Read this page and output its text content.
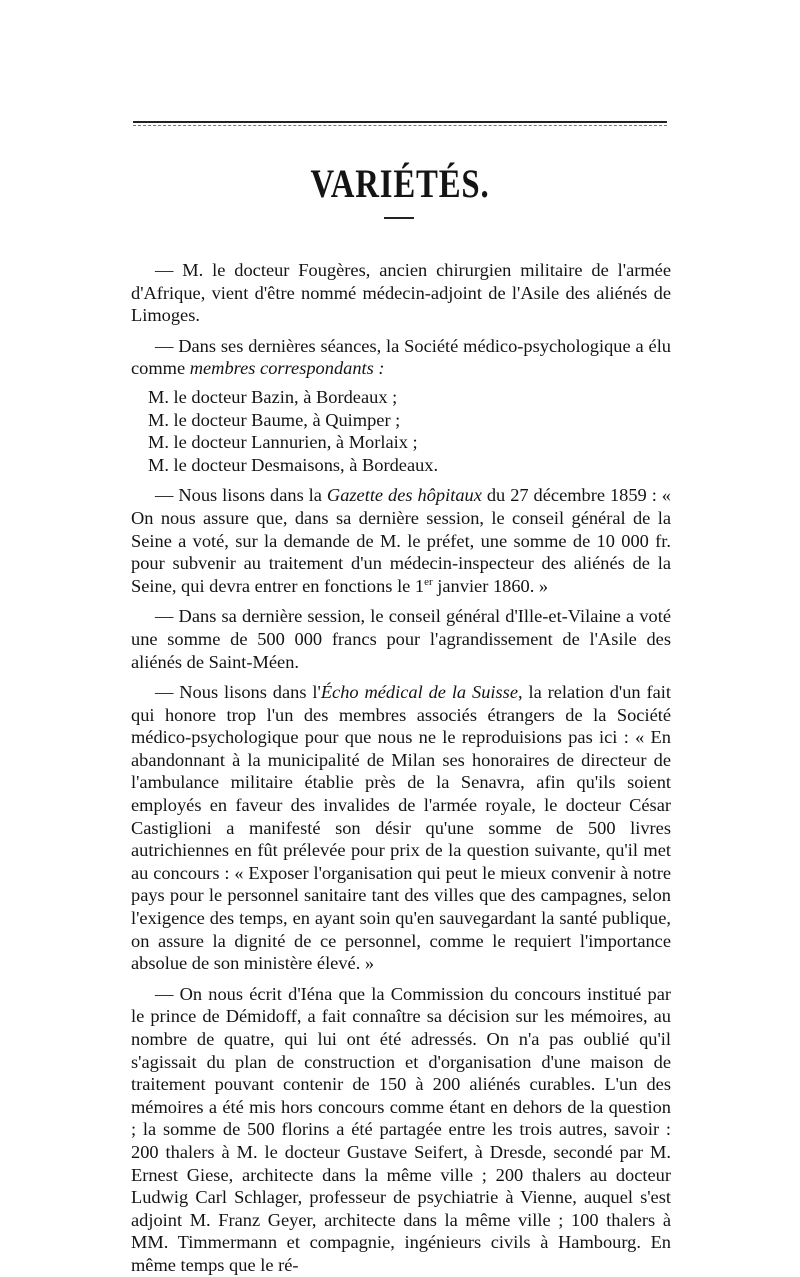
VARIÉTÉS.

— M. le docteur Fougères, ancien chirurgien militaire de l'armée d'Afrique, vient d'être nommé médecin-adjoint de l'Asile des aliénés de Limoges.

— Dans ses dernières séances, la Société médico-psychologique a élu comme membres correspondants :

M. le docteur Bazin, à Bordeaux ;
M. le docteur Baume, à Quimper ;
M. le docteur Lannurien, à Morlaix ;
M. le docteur Desmaisons, à Bordeaux.

— Nous lisons dans la Gazette des hôpitaux du 27 décembre 1859 : « On nous assure que, dans sa dernière session, le conseil général de la Seine a voté, sur la demande de M. le préfet, une somme de 10 000 fr. pour subvenir au traitement d'un médecin-inspecteur des aliénés de la Seine, qui devra entrer en fonctions le 1er janvier 1860. »

— Dans sa dernière session, le conseil général d'Ille-et-Vilaine a voté une somme de 500 000 francs pour l'agrandissement de l'Asile des aliénés de Saint-Méen.

— Nous lisons dans l'Écho médical de la Suisse, la relation d'un fait qui honore trop l'un des membres associés étrangers de la Société médico-psychologique pour que nous ne le reproduisions pas ici : « En abandonnant à la municipalité de Milan ses honoraires de directeur de l'ambulance militaire établie près de la Senavra, afin qu'ils soient employés en faveur des invalides de l'armée royale, le docteur César Castiglioni a manifesté son désir qu'une somme de 500 livres autrichiennes en fût prélevée pour prix de la question suivante, qu'il met au concours : « Exposer l'organisation qui peut le mieux convenir à notre pays pour le personnel sanitaire tant des villes que des campagnes, selon l'exigence des temps, en ayant soin qu'en sauvegardant la santé publique, on assure la dignité de ce personnel, comme le requiert l'importance absolue de son ministère élevé. »

— On nous écrit d'Iéna que la Commission du concours institué par le prince de Démidoff, a fait connaître sa décision sur les mémoires, au nombre de quatre, qui lui ont été adressés. On n'a pas oublié qu'il s'agissait du plan de construction et d'organisation d'une maison de traitement pouvant contenir de 150 à 200 aliénés curables. L'un des mémoires a été mis hors concours comme étant en dehors de la question ; la somme de 500 florins a été partagée entre les trois autres, savoir : 200 thalers à M. le docteur Gustave Seifert, à Dresde, secondé par M. Ernest Giese, architecte dans la même ville ; 200 thalers au docteur Ludwig Carl Schlager, professeur de psychiatrie à Vienne, auquel s'est adjoint M. Franz Geyer, architecte dans la même ville ; 100 thalers à MM. Timmermann et compagnie, ingénieurs civils à Hambourg. En même temps que le ré-
